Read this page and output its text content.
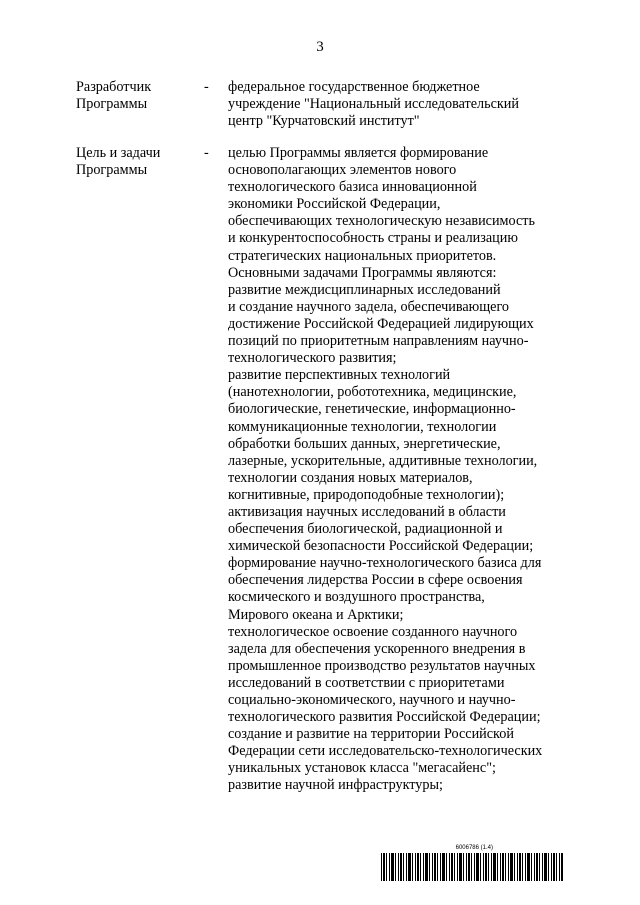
3
Разработчик
Программы
- федеральное государственное бюджетное
учреждение "Национальный исследовательский
центр "Курчатовский институт"
Цель и задачи
Программы
- целью Программы является формирование
основополагающих элементов нового
технологического базиса инновационной
экономики Российской Федерации,
обеспечивающих технологическую независимость
и конкурентоспособность страны и реализацию
стратегических национальных приоритетов.
Основными задачами Программы являются:
развитие междисциплинарных исследований
и создание научного задела, обеспечивающего
достижение Российской Федерацией лидирующих
позиций по приоритетным направлениям научно-
технологического развития;
развитие перспективных технологий
(нанотехнологии, робототехника, медицинские,
биологические, генетические, информационно-
коммуникационные технологии, технологии
обработки больших данных, энергетические,
лазерные, ускорительные, аддитивные технологии,
технологии создания новых материалов,
когнитивные, природоподобные технологии);
активизация научных исследований в области
обеспечения биологической, радиационной и
химической безопасности Российской Федерации;
формирование научно-технологического базиса для
обеспечения лидерства России в сфере освоения
космического и воздушного пространства,
Мирового океана и Арктики;
технологическое освоение созданного научного
задела для обеспечения ускоренного внедрения в
промышленное производство результатов научных
исследований в соответствии с приоритетами
социально-экономического, научного и научно-
технологического развития Российской Федерации;
создание и развитие на территории Российской
Федерации сети исследовательско-технологических
уникальных установок класса "мегасайенс";
развитие научной инфраструктуры;
6006786 (1.4)
